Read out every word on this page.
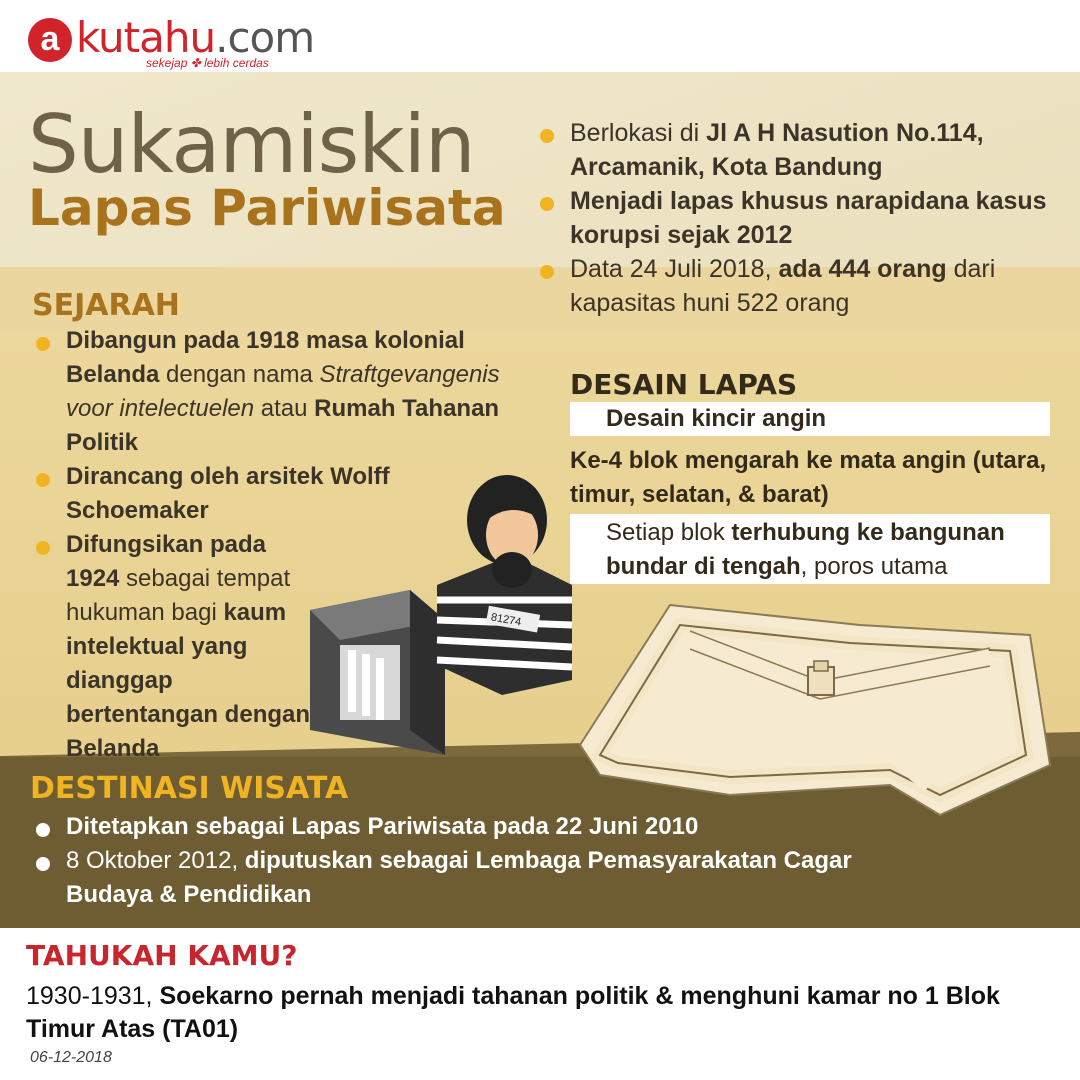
a kutahu.com
sekejap ✤ lebih cerdas
81274
Sukamiskin
Lapas Pariwisata
Berlokasi di Jl A H Nasution No.114, Arcamanik, Kota Bandung
Menjadi lapas khusus narapidana kasus korupsi sejak 2012
Data 24 Juli 2018, ada 444 orang dari kapasitas huni 522 orang
SEJARAH
Dibangun pada 1918 masa kolonial Belanda dengan nama Straftgevangenis voor intelectuelen atau Rumah Tahanan Politik
Dirancang oleh arsitek Wolff Schoemaker
Difungsikan pada 1924 sebagai tempat hukuman bagi kaum intelektual yang dianggap bertentangan dengan Belanda
DESAIN LAPAS
Desain kincir angin
Ke-4 blok mengarah ke mata angin (utara, timur, selatan, & barat)
Setiap blok terhubung ke bangunan bundar di tengah, poros utama
DESTINASI WISATA
Ditetapkan sebagai Lapas Pariwisata pada 22 Juni 2010
8 Oktober 2012, diputuskan sebagai Lembaga Pemasyarakatan Cagar Budaya & Pendidikan
TAHUKAH KAMU?
1930-1931, Soekarno pernah menjadi tahanan politik & menghuni kamar no 1 Blok Timur Atas (TA01)
06-12-2018
